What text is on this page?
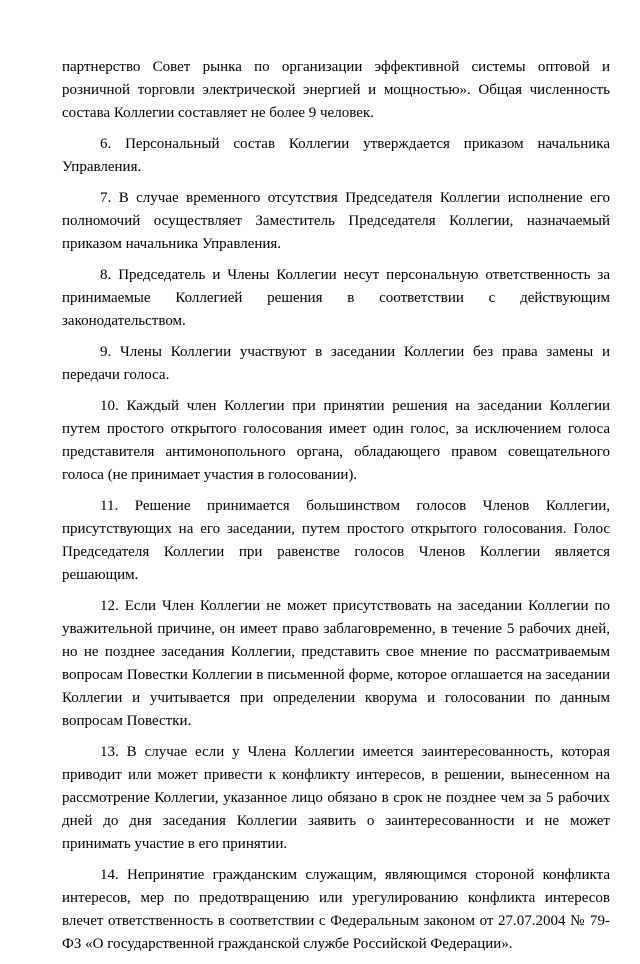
партнерство Совет рынка по организации эффективной системы оптовой и розничной торговли электрической энергией и мощностью». Общая численность состава Коллегии составляет не более 9 человек.

6. Персональный состав Коллегии утверждается приказом начальника Управления.

7. В случае временного отсутствия Председателя Коллегии исполнение его полномочий осуществляет Заместитель Председателя Коллегии, назначаемый приказом начальника Управления.

8. Председатель и Члены Коллегии несут персональную ответственность за принимаемые Коллегией решения в соответствии с действующим законодательством.

9. Члены Коллегии участвуют в заседании Коллегии без права замены и передачи голоса.

10. Каждый член Коллегии при принятии решения на заседании Коллегии путем простого открытого голосования имеет один голос, за исключением голоса представителя антимонопольного органа, обладающего правом совещательного голоса (не принимает участия в голосовании).

11. Решение принимается большинством голосов Членов Коллегии, присутствующих на его заседании, путем простого открытого голосования. Голос Председателя Коллегии при равенстве голосов Членов Коллегии является решающим.

12. Если Член Коллегии не может присутствовать на заседании Коллегии по уважительной причине, он имеет право заблаговременно, в течение 5 рабочих дней, но не позднее заседания Коллегии, представить свое мнение по рассматриваемым вопросам Повестки Коллегии в письменной форме, которое оглашается на заседании Коллегии и учитывается при определении кворума и голосовании по данным вопросам Повестки.

13. В случае если у Члена Коллегии имеется заинтересованность, которая приводит или может привести к конфликту интересов, в решении, вынесенном на рассмотрение Коллегии, указанное лицо обязано в срок не позднее чем за 5 рабочих дней до дня заседания Коллегии заявить о заинтересованности и не может принимать участие в его принятии.

14. Непринятие гражданским служащим, являющимся стороной конфликта интересов, мер по предотвращению или урегулированию конфликта интересов влечет ответственность в соответствии с Федеральным законом от 27.07.2004 № 79-ФЗ «О государственной гражданской службе Российской Федерации».
